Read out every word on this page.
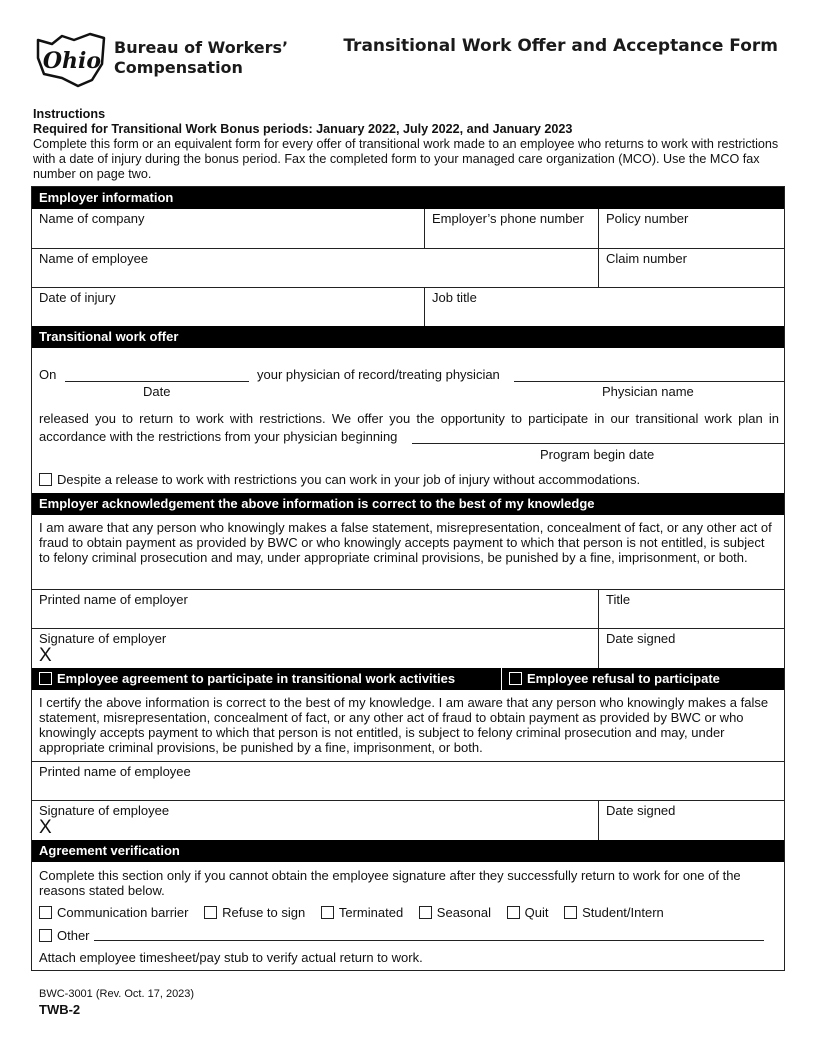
Ohio
Bureau of Workers’
Compensation
Transitional Work Offer and Acceptance Form
Instructions
Required for Transitional Work Bonus periods: January 2022, July 2022, and January 2023
Complete this form or an equivalent form for every offer of transitional work made to an employee who returns to work with restrictions with a date of injury during the bonus period. Fax the completed form to your managed care organization (MCO). Use the MCO fax number on page two.
Employer information
Name of company	Employer’s phone number	Policy number
Name of employee	Claim number
Date of injury	Job title
Transitional work offer
On	your physician of record/treating physician
Date	Physician name
released you to return to work with restrictions. We offer you the opportunity to participate in our transitional work plan in accordance with the restrictions from your physician beginning
Program begin date
Despite a release to work with restrictions you can work in your job of injury without accommodations.
Employer acknowledgement the above information is correct to the best of my knowledge
I am aware that any person who knowingly makes a false statement, misrepresentation, concealment of fact, or any other act of fraud to obtain payment as provided by BWC or who knowingly accepts payment to which that person is not entitled, is subject to felony criminal prosecution and may, under appropriate criminal provisions, be punished by a fine, imprisonment, or both.
Printed name of employer	Title
Signature of employer
X
Date signed
Employee agreement to participate in transitional work activities	Employee refusal to participate
I certify the above information is correct to the best of my knowledge. I am aware that any person who knowingly makes a false statement, misrepresentation, concealment of fact, or any other act of fraud to obtain payment as provided by BWC or who knowingly accepts payment to which that person is not entitled, is subject to felony criminal prosecution and may, under appropriate criminal provisions, be punished by a fine, imprisonment, or both.
Printed name of employee
Signature of employee
X
Date signed
Agreement verification
Complete this section only if you cannot obtain the employee signature after they successfully return to work for one of the reasons stated below.
Communication barrier	Refuse to sign	Terminated	Seasonal	Quit	Student/Intern
Other
Attach employee timesheet/pay stub to verify actual return to work.
BWC-3001 (Rev. Oct. 17, 2023)
TWB-2
